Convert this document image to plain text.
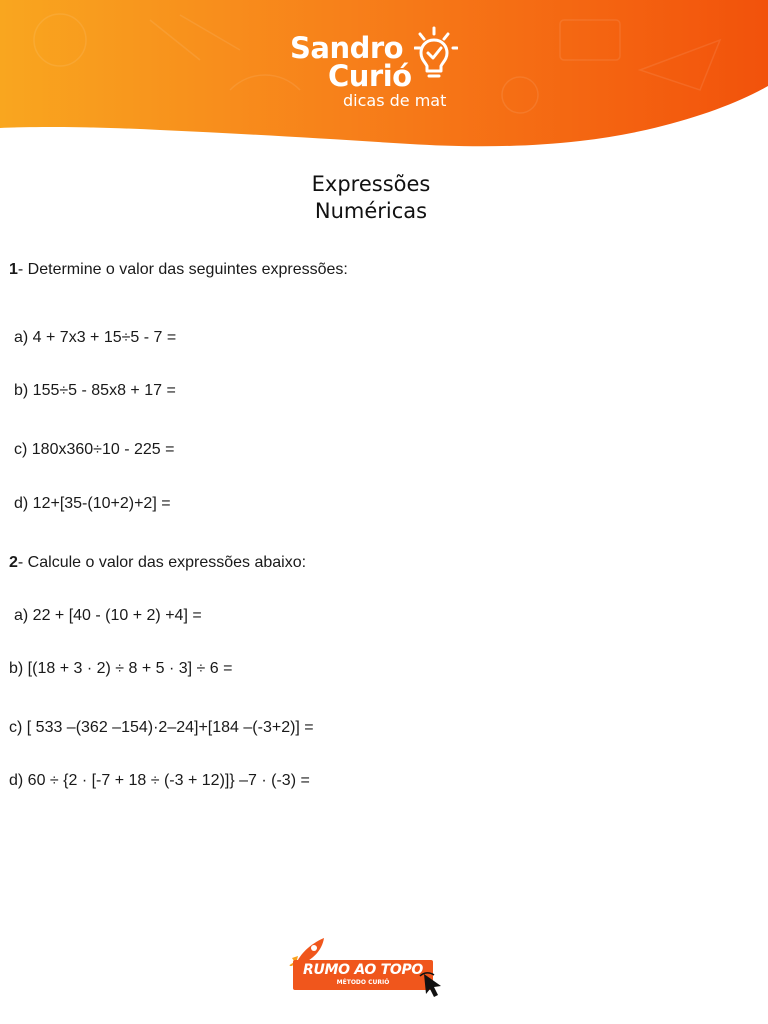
Sandro
Curió
dicas de mat
Expressões
Numéricas
1- Determine o valor das seguintes expressões:
a) 4 + 7x3 + 15÷5 - 7 =
b) 155÷5 - 85x8 + 17 =
c) 180x360÷10 - 225 =
d) 12+[35-(10+2)+2] =
2- Calcule o valor das expressões abaixo:
a) 22 + [40 - (10 + 2) +4] =
b) [(18 + 3 · 2) ÷ 8 + 5 · 3] ÷ 6 =
c) [ 533 –(362 –154)·2–24]+[184 –(-3+2)] =
d) 60 ÷ {2 · [-7 + 18 ÷ (-3 + 12)]} –7 · (-3) =
RUMO AO TOPO
MÉTODO CURIÓ
